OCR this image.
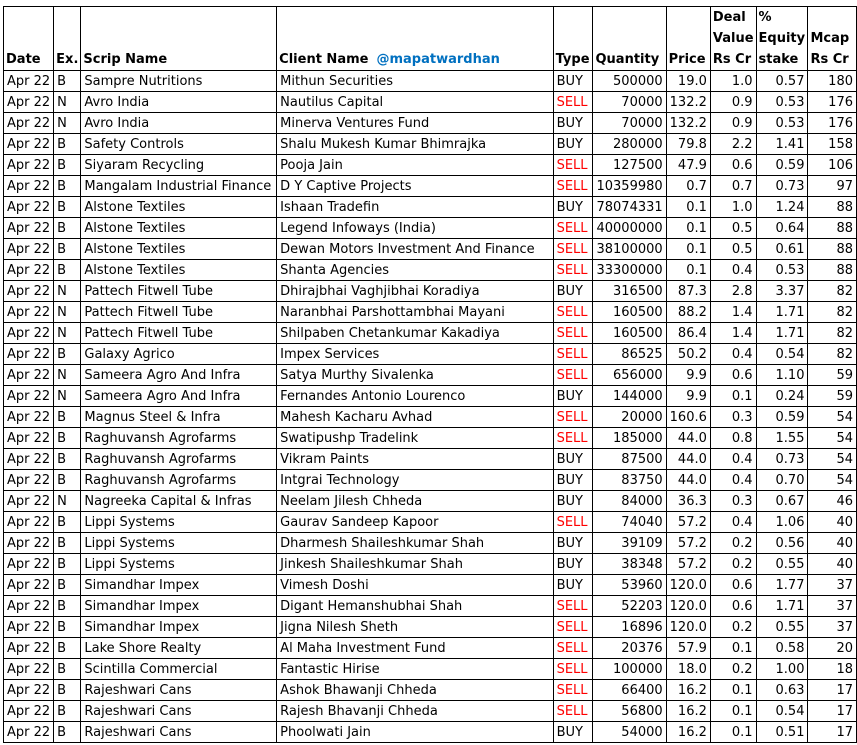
Date	Ex.	Scrip Name	Client Name @mapatwardhan	Type	Quantity	Price	Deal Value Rs Cr	% Equity stake	Mcap Rs Cr
Apr 22	B	Sampre Nutritions	Mithun Securities	BUY	500000	19.0	1.0	0.57	180
Apr 22	N	Avro India	Nautilus Capital	SELL	70000	132.2	0.9	0.53	176
Apr 22	N	Avro India	Minerva Ventures Fund	BUY	70000	132.2	0.9	0.53	176
Apr 22	B	Safety Controls	Shalu Mukesh Kumar Bhimrajka	BUY	280000	79.8	2.2	1.41	158
Apr 22	B	Siyaram Recycling	Pooja Jain	SELL	127500	47.9	0.6	0.59	106
Apr 22	B	Mangalam Industrial Finance	D Y Captive Projects	SELL	10359980	0.7	0.7	0.73	97
Apr 22	B	Alstone Textiles	Ishaan Tradefin	BUY	78074331	0.1	1.0	1.24	88
Apr 22	B	Alstone Textiles	Legend Infoways (India)	SELL	40000000	0.1	0.5	0.64	88
Apr 22	B	Alstone Textiles	Dewan Motors Investment And Finance	SELL	38100000	0.1	0.5	0.61	88
Apr 22	B	Alstone Textiles	Shanta Agencies	SELL	33300000	0.1	0.4	0.53	88
Apr 22	N	Pattech Fitwell Tube	Dhirajbhai Vaghjibhai Koradiya	BUY	316500	87.3	2.8	3.37	82
Apr 22	N	Pattech Fitwell Tube	Naranbhai Parshottambhai Mayani	SELL	160500	88.2	1.4	1.71	82
Apr 22	N	Pattech Fitwell Tube	Shilpaben Chetankumar Kakadiya	SELL	160500	86.4	1.4	1.71	82
Apr 22	B	Galaxy Agrico	Impex Services	SELL	86525	50.2	0.4	0.54	82
Apr 22	N	Sameera Agro And Infra	Satya Murthy Sivalenka	SELL	656000	9.9	0.6	1.10	59
Apr 22	N	Sameera Agro And Infra	Fernandes Antonio Lourenco	BUY	144000	9.9	0.1	0.24	59
Apr 22	B	Magnus Steel & Infra	Mahesh Kacharu Avhad	SELL	20000	160.6	0.3	0.59	54
Apr 22	B	Raghuvansh Agrofarms	Swatipushp Tradelink	SELL	185000	44.0	0.8	1.55	54
Apr 22	B	Raghuvansh Agrofarms	Vikram Paints	BUY	87500	44.0	0.4	0.73	54
Apr 22	B	Raghuvansh Agrofarms	Intgrai Technology	BUY	83750	44.0	0.4	0.70	54
Apr 22	N	Nagreeka Capital & Infras	Neelam Jilesh Chheda	BUY	84000	36.3	0.3	0.67	46
Apr 22	B	Lippi Systems	Gaurav Sandeep Kapoor	SELL	74040	57.2	0.4	1.06	40
Apr 22	B	Lippi Systems	Dharmesh Shaileshkumar Shah	BUY	39109	57.2	0.2	0.56	40
Apr 22	B	Lippi Systems	Jinkesh Shaileshkumar Shah	BUY	38348	57.2	0.2	0.55	40
Apr 22	B	Simandhar Impex	Vimesh Doshi	BUY	53960	120.0	0.6	1.77	37
Apr 22	B	Simandhar Impex	Digant Hemanshubhai Shah	SELL	52203	120.0	0.6	1.71	37
Apr 22	B	Simandhar Impex	Jigna Nilesh Sheth	SELL	16896	120.0	0.2	0.55	37
Apr 22	B	Lake Shore Realty	Al Maha Investment Fund	SELL	20376	57.9	0.1	0.58	20
Apr 22	B	Scintilla Commercial	Fantastic Hirise	SELL	100000	18.0	0.2	1.00	18
Apr 22	B	Rajeshwari Cans	Ashok Bhawanji Chheda	SELL	66400	16.2	0.1	0.63	17
Apr 22	B	Rajeshwari Cans	Rajesh Bhavanji Chheda	SELL	56800	16.2	0.1	0.54	17
Apr 22	B	Rajeshwari Cans	Phoolwati Jain	BUY	54000	16.2	0.1	0.51	17
